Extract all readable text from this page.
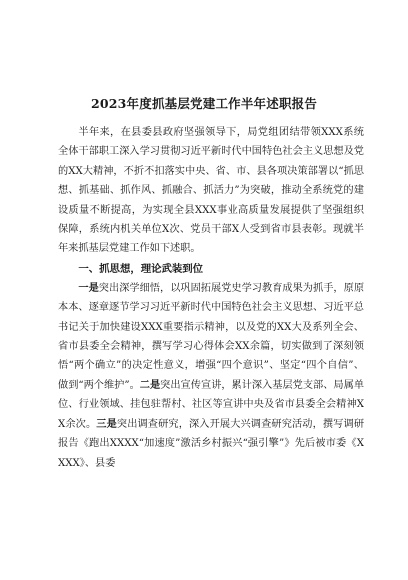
2023年度抓基层党建工作半年述职报告

半年来，在县委县政府坚强领导下，局党组团结带领XXX系统全体干部职工深入学习贯彻习近平新时代中国特色社会主义思想及党的XX大精神，不折不扣落实中央、省、市、县各项决策部署以“抓思想、抓基础、抓作风、抓融合、抓活力”为突破，推动全系统党的建设质量不断提高，为实现全县XXX事业高质量发展提供了坚强组织保障，系统内机关单位X次、党员干部X人受到省市县表彰。现就半年来抓基层党建工作如下述职。

一、抓思想，理论武装到位

一是突出深学细悟，以巩固拓展党史学习教育成果为抓手，原原本本、逐章逐节学习习近平新时代中国特色社会主义思想、习近平总书记关于加快建设XXX重要指示精神，以及党的XX大及系列全会、省市县委全会精神，撰写学习心得体会XX余篇，切实做到了深刻领悟“两个确立”的决定性意义，增强“四个意识”、坚定“四个自信”、做到“两个维护”。二是突出宣传宣讲，累计深入基层党支部、局属单位、行业领域、挂包驻帮村、社区等宣讲中央及省市县委全会精神XX余次。三是突出调查研究，深入开展大兴调查研究活动，撰写调研报告《跑出XXXX“加速度”激活乡村振兴“强引擎”》先后被市委《XXXX》、县委
